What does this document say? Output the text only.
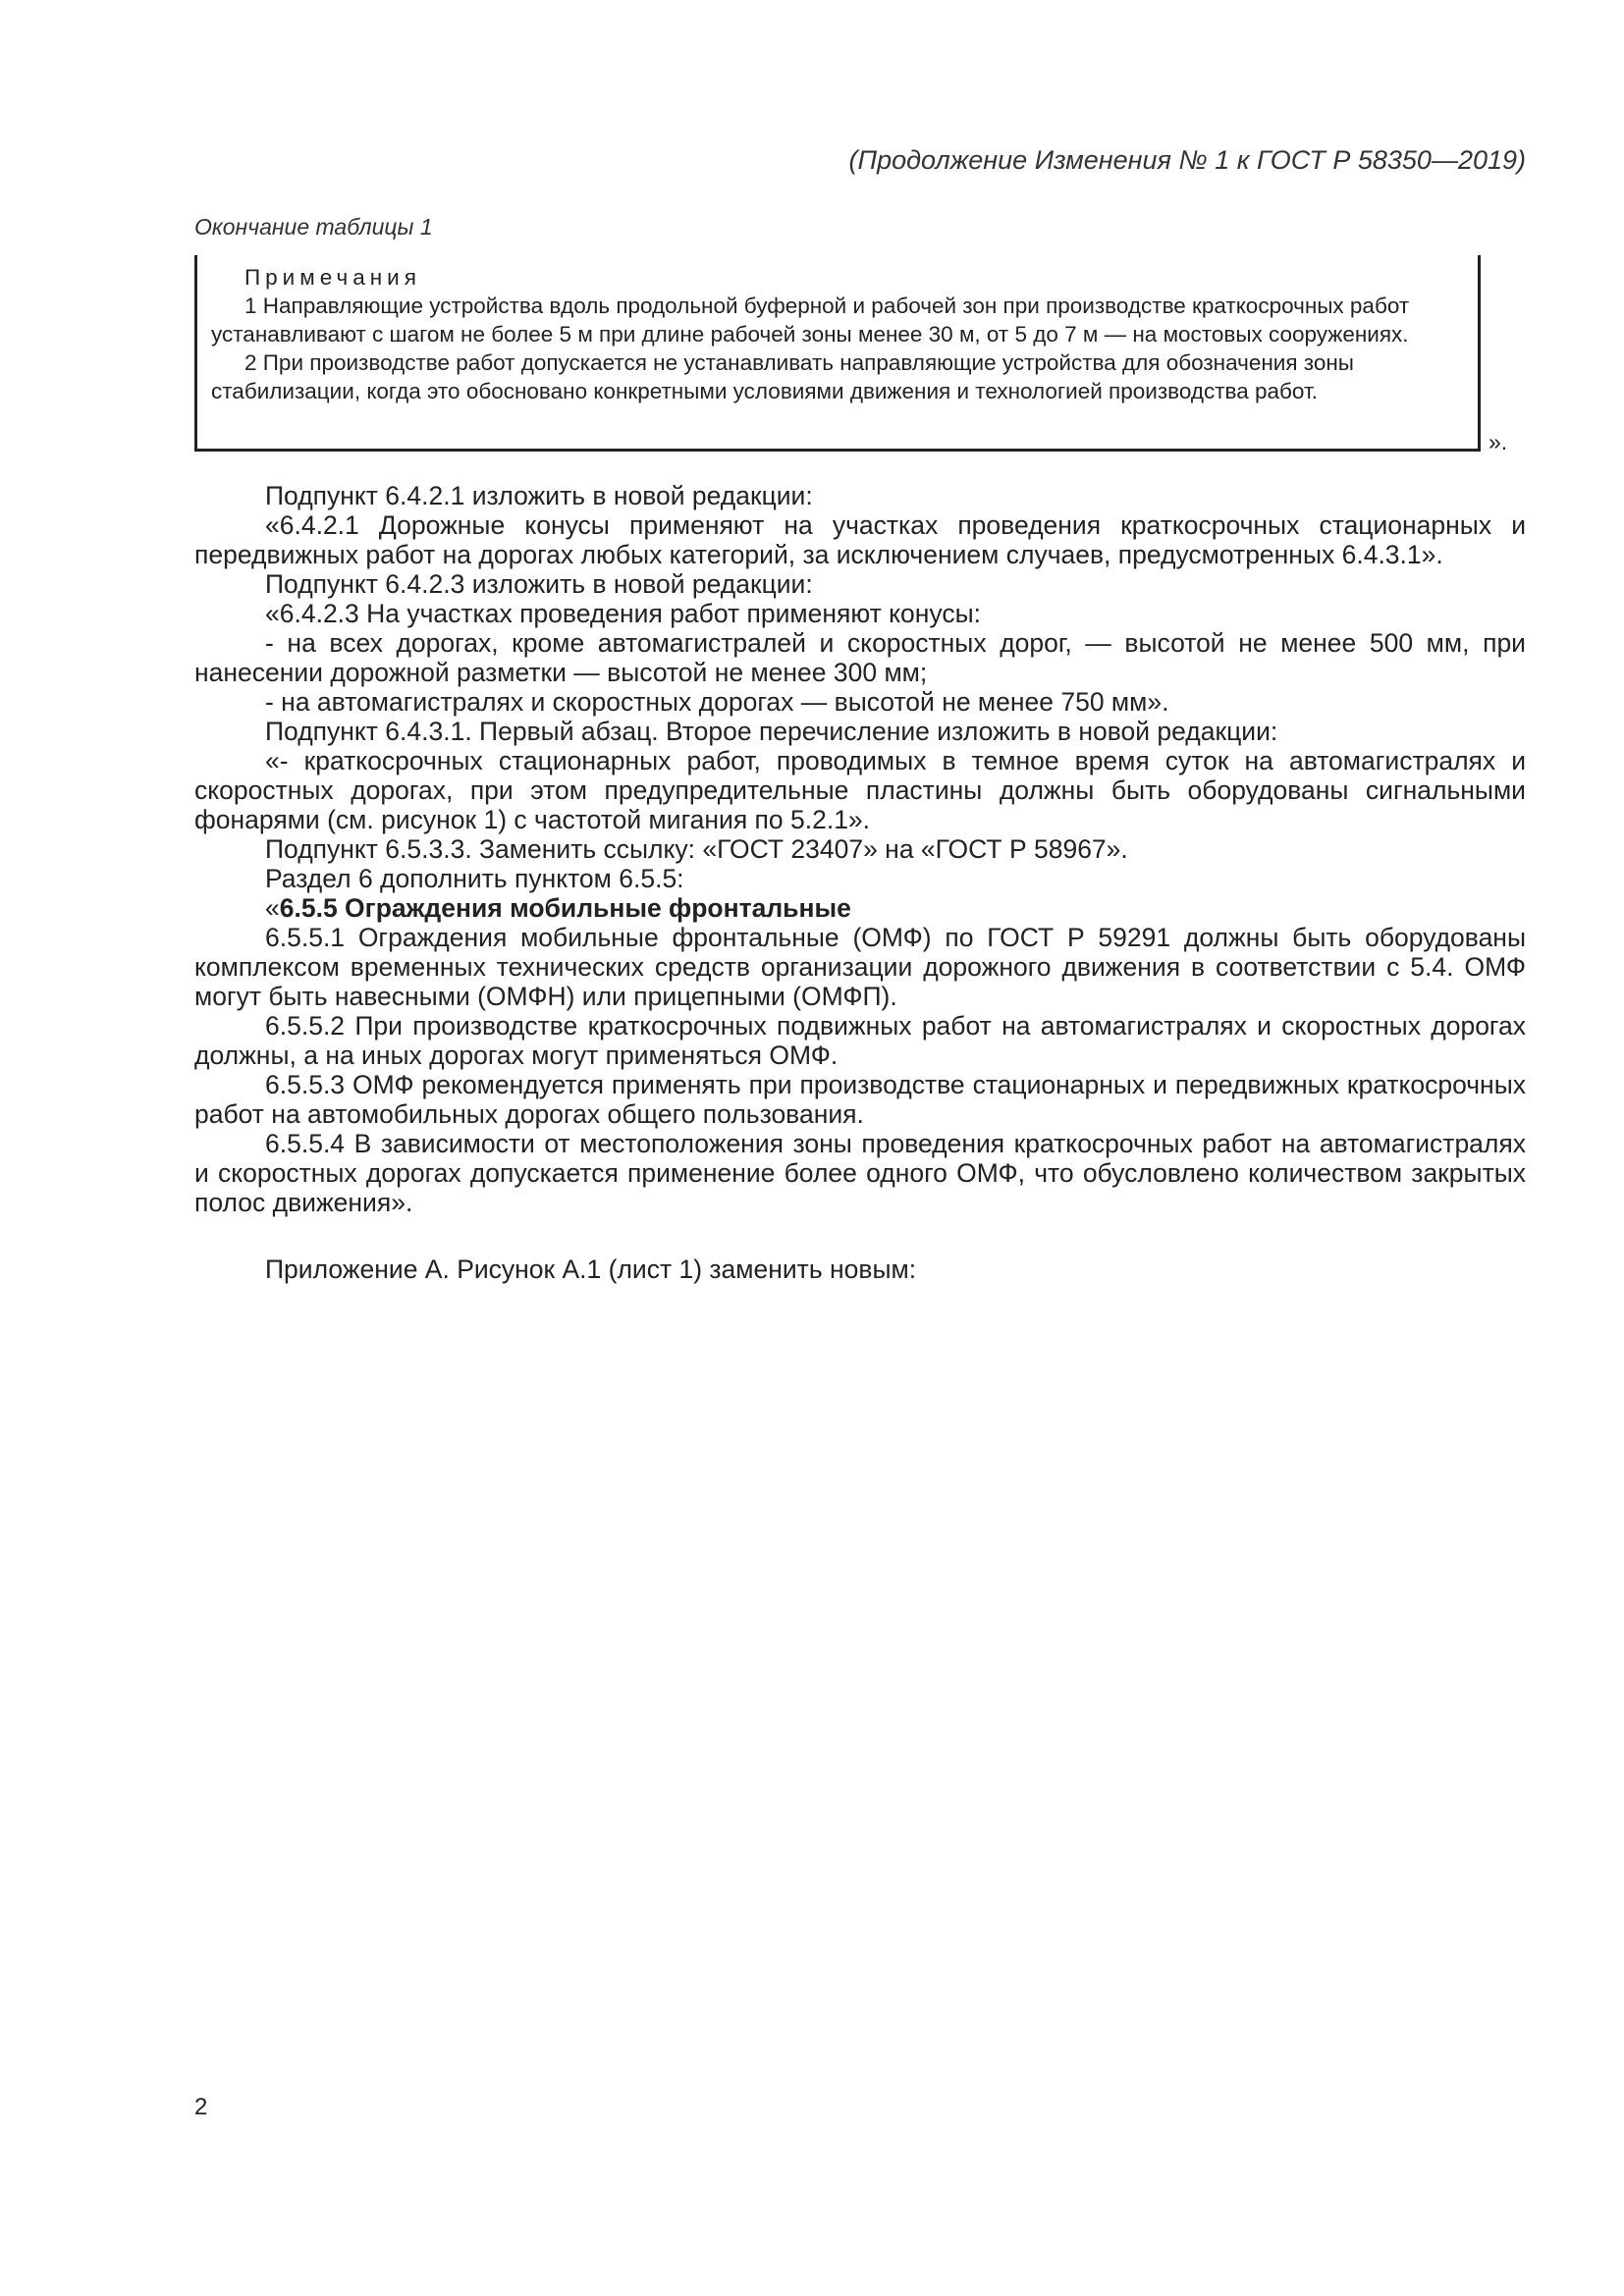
(Продолжение Изменения № 1 к ГОСТ Р 58350—2019)
Окончание таблицы 1
Примечания
1 Направляющие устройства вдоль продольной буферной и рабочей зон при производстве краткосрочных работ устанавливают с шагом не более 5 м при длине рабочей зоны менее 30 м, от 5 до 7 м — на мостовых сооружениях.
2 При производстве работ допускается не устанавливать направляющие устройства для обозначения зоны стабилизации, когда это обосновано конкретными условиями движения и технологией производства работ.
».

Подпункт 6.4.2.1 изложить в новой редакции:

«6.4.2.1 Дорожные конусы применяют на участках проведения краткосрочных стационарных и передвижных работ на дорогах любых категорий, за исключением случаев, предусмотренных 6.4.3.1».

Подпункт 6.4.2.3 изложить в новой редакции:

«6.4.2.3 На участках проведения работ применяют конусы:

- на всех дорогах, кроме автомагистралей и скоростных дорог, — высотой не менее 500 мм, при нанесении дорожной разметки — высотой не менее 300 мм;

- на автомагистралях и скоростных дорогах — высотой не менее 750 мм».

Подпункт 6.4.3.1. Первый абзац. Второе перечисление изложить в новой редакции:

«- краткосрочных стационарных работ, проводимых в темное время суток на автомагистралях и скоростных дорогах, при этом предупредительные пластины должны быть оборудованы сигнальными фонарями (см. рисунок 1) с частотой мигания по 5.2.1».

Подпункт 6.5.3.3. Заменить ссылку: «ГОСТ 23407» на «ГОСТ Р 58967».

Раздел 6 дополнить пунктом 6.5.5:

«6.5.5 Ограждения мобильные фронтальные

6.5.5.1 Ограждения мобильные фронтальные (ОМФ) по ГОСТ Р 59291 должны быть оборудованы комплексом временных технических средств организации дорожного движения в соответствии с 5.4. ОМФ могут быть навесными (ОМФН) или прицепными (ОМФП).

6.5.5.2 При производстве краткосрочных подвижных работ на автомагистралях и скоростных дорогах должны, а на иных дорогах могут применяться ОМФ.

6.5.5.3 ОМФ рекомендуется применять при производстве стационарных и передвижных краткосрочных работ на автомобильных дорогах общего пользования.

6.5.5.4 В зависимости от местоположения зоны проведения краткосрочных работ на автомагистралях и скоростных дорогах допускается применение более одного ОМФ, что обусловлено количеством закрытых полос движения».

Приложение А. Рисунок А.1 (лист 1) заменить новым:

2
